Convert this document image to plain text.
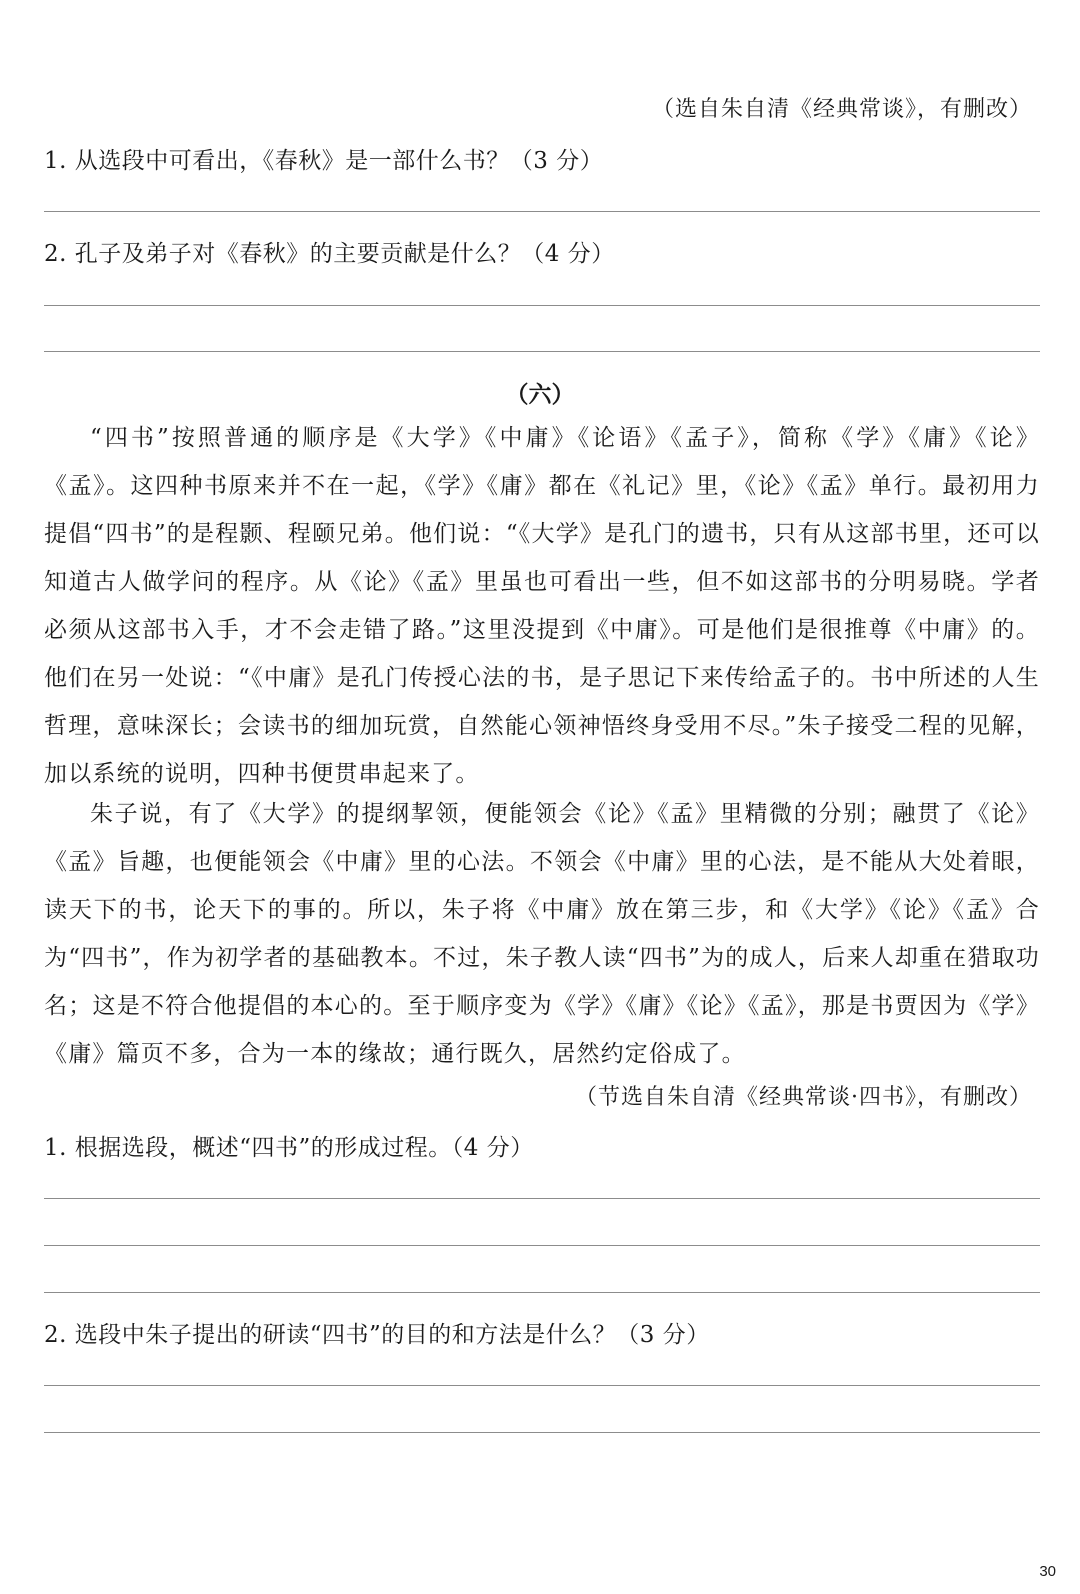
（选自朱自清《经典常谈》，有删改）

1. 从选段中可看出，《春秋》是一部什么书？（3 分）

2. 孔子及弟子对《春秋》的主要贡献是什么？（4 分）

（六）

“四书”按照普通的顺序是《大学》《中庸》《论语》《孟子》，简称《学》《庸》《论》《孟》。这四种书原来并不在一起，《学》《庸》都在《礼记》里，《论》《孟》单行。最初用力提倡“四书”的是程颢、程颐兄弟。他们说：“《大学》是孔门的遗书，只有从这部书里，还可以知道古人做学问的程序。从《论》《孟》里虽也可看出一些，但不如这部书的分明易晓。学者必须从这部书入手，才不会走错了路。”这里没提到《中庸》。可是他们是很推尊《中庸》的。他们在另一处说：“《中庸》是孔门传授心法的书，是子思记下来传给孟子的。书中所述的人生哲理，意味深长；会读书的细加玩赏，自然能心领神悟终身受用不尽。”朱子接受二程的见解，加以系统的说明，四种书便贯串起来了。

朱子说，有了《大学》的提纲挈领，便能领会《论》《孟》里精微的分别；融贯了《论》《孟》旨趣，也便能领会《中庸》里的心法。不领会《中庸》里的心法，是不能从大处着眼，读天下的书，论天下的事的。所以，朱子将《中庸》放在第三步，和《大学》《论》《孟》合为“四书”，作为初学者的基础教本。不过，朱子教人读“四书”为的成人，后来人却重在猎取功名；这是不符合他提倡的本心的。至于顺序变为《学》《庸》《论》《孟》，那是书贾因为《学》《庸》篇页不多，合为一本的缘故；通行既久，居然约定俗成了。

（节选自朱自清《经典常谈·四书》，有删改）

1. 根据选段，概述“四书”的形成过程。（4 分）

2. 选段中朱子提出的研读“四书”的目的和方法是什么？（3 分）

30
